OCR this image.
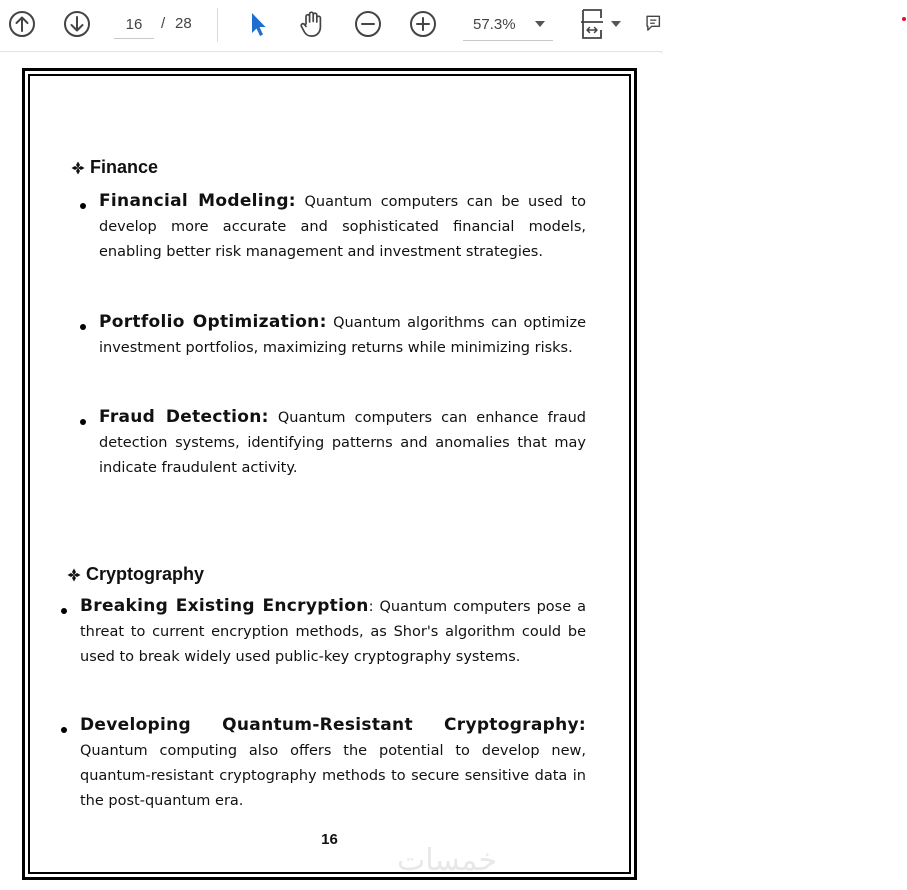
16
/ 28	57.3%
Finance
Financial Modeling: Quantum computers can be used to develop more accurate and sophisticated financial models, enabling better risk management and investment strategies.
Portfolio Optimization: Quantum algorithms can optimize investment portfolios, maximizing returns while minimizing risks.
Fraud Detection: Quantum computers can enhance fraud detection systems, identifying patterns and anomalies that may indicate fraudulent activity.
Cryptography
Breaking Existing Encryption: Quantum computers pose a threat to current encryption methods, as Shor's algorithm could be used to break widely used public-key cryptography systems.
Developing Quantum-Resistant Cryptography: Quantum computing also offers the potential to develop new, quantum-resistant cryptography methods to secure sensitive data in the post-quantum era.
16
خمسات
